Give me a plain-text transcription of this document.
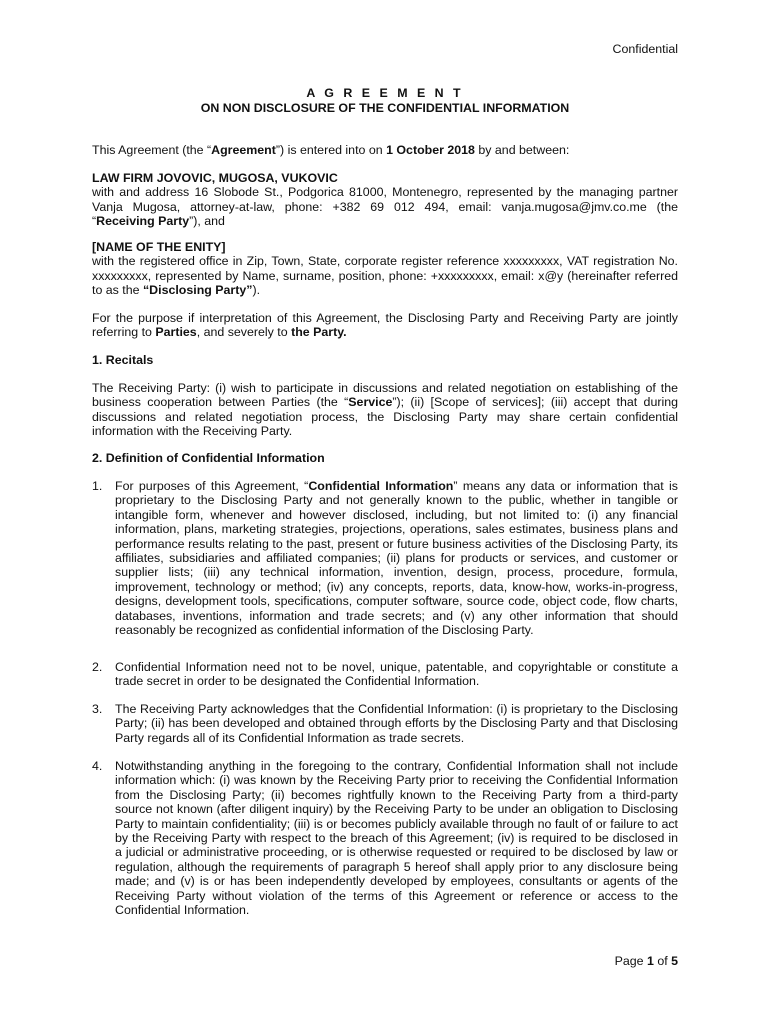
Confidential
A G R E E M E N T
ON NON DISCLOSURE OF THE CONFIDENTIAL INFORMATION
This Agreement (the “Agreement”) is entered into on 1 October 2018 by and between:
LAW FIRM JOVOVIC, MUGOSA, VUKOVIC
with and address 16 Slobode St., Podgorica 81000, Montenegro, represented by the managing partner Vanja Mugosa, attorney-at-law, phone: +382 69 012 494, email: vanja.mugosa@jmv.co.me (the “Receiving Party”), and
[NAME OF THE ENITY]
with the registered office in Zip, Town, State, corporate register reference xxxxxxxxx, VAT registration No. xxxxxxxxx, represented by Name, surname, position, phone: +xxxxxxxxx, email: x@y (hereinafter referred to as the “Disclosing Party”).
For the purpose if interpretation of this Agreement, the Disclosing Party and Receiving Party are jointly referring to Parties, and severely to the Party.
1. Recitals
The Receiving Party: (i) wish to participate in discussions and related negotiation on establishing of the business cooperation between Parties (the “Service”); (ii) [Scope of services]; (iii) accept that during discussions and related negotiation process, the Disclosing Party may share certain confidential information with the Receiving Party.
2. Definition of Confidential Information
1. For purposes of this Agreement, “Confidential Information” means any data or information that is proprietary to the Disclosing Party and not generally known to the public, whether in tangible or intangible form, whenever and however disclosed, including, but not limited to: (i) any financial information, plans, marketing strategies, projections, operations, sales estimates, business plans and performance results relating to the past, present or future business activities of the Disclosing Party, its affiliates, subsidiaries and affiliated companies; (ii) plans for products or services, and customer or supplier lists; (iii) any technical information, invention, design, process, procedure, formula, improvement, technology or method; (iv) any concepts, reports, data, know-how, works-in-progress, designs, development tools, specifications, computer software, source code, object code, flow charts, databases, inventions, information and trade secrets; and (v) any other information that should reasonably be recognized as confidential information of the Disclosing Party.
2. Confidential Information need not to be novel, unique, patentable, and copyrightable or constitute a trade secret in order to be designated the Confidential Information.
3. The Receiving Party acknowledges that the Confidential Information: (i) is proprietary to the Disclosing Party; (ii) has been developed and obtained through efforts by the Disclosing Party and that Disclosing Party regards all of its Confidential Information as trade secrets.
4. Notwithstanding anything in the foregoing to the contrary, Confidential Information shall not include information which: (i) was known by the Receiving Party prior to receiving the Confidential Information from the Disclosing Party; (ii) becomes rightfully known to the Receiving Party from a third-party source not known (after diligent inquiry) by the Receiving Party to be under an obligation to Disclosing Party to maintain confidentiality; (iii) is or becomes publicly available through no fault of or failure to act by the Receiving Party with respect to the breach of this Agreement; (iv) is required to be disclosed in a judicial or administrative proceeding, or is otherwise requested or required to be disclosed by law or regulation, although the requirements of paragraph 5 hereof shall apply prior to any disclosure being made; and (v) is or has been independently developed by employees, consultants or agents of the Receiving Party without violation of the terms of this Agreement or reference or access to the Confidential Information.
Page 1 of 5
